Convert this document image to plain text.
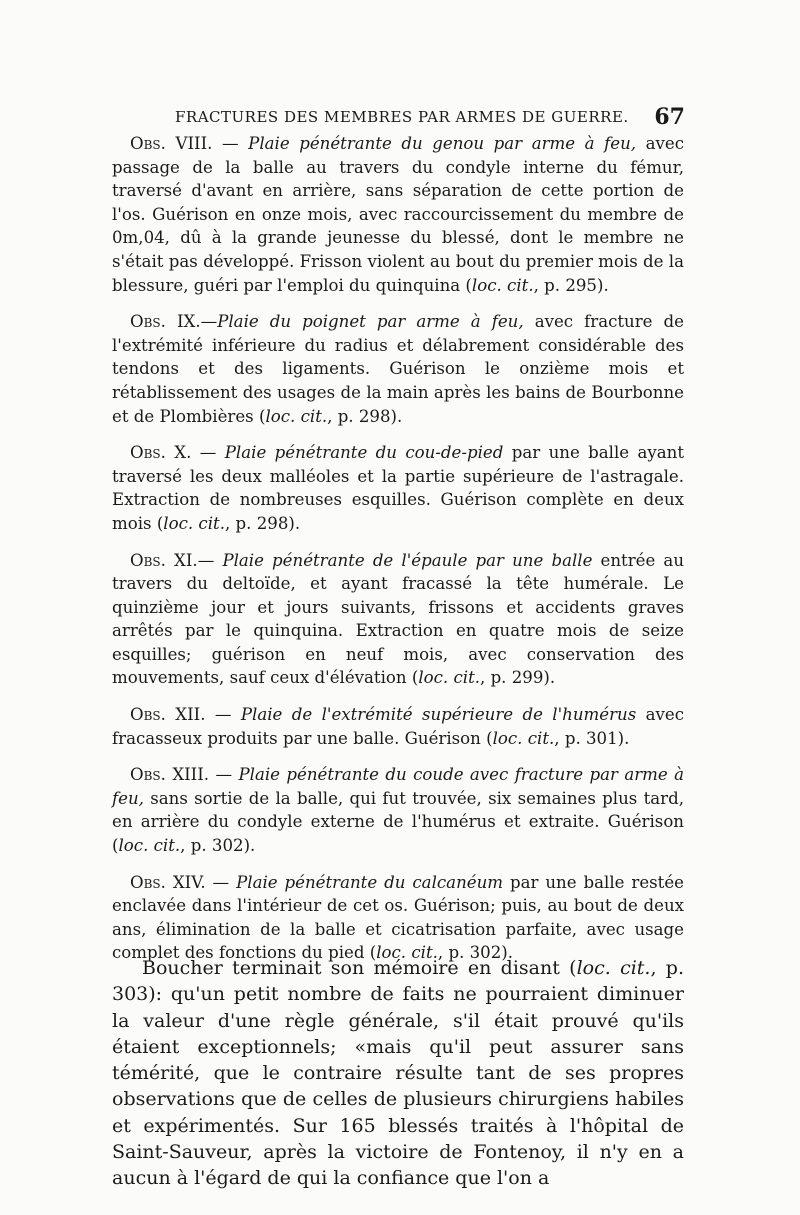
FRACTURES DES MEMBRES PAR ARMES DE GUERRE. 67

Obs. VIII. — Plaie pénétrante du genou par arme à feu, avec passage de la balle au travers du condyle interne du fémur, traversé d'avant en arrière, sans séparation de cette portion de l'os. Guérison en onze mois, avec raccourcissement du membre de 0m,04, dû à la grande jeunesse du blessé, dont le membre ne s'était pas développé. Frisson violent au bout du premier mois de la blessure, guéri par l'emploi du quinquina (loc. cit., p. 295).

Obs. IX.—Plaie du poignet par arme à feu, avec fracture de l'extrémité inférieure du radius et délabrement considérable des tendons et des ligaments. Guérison le onzième mois et rétablissement des usages de la main après les bains de Bourbonne et de Plombières (loc. cit., p. 298).

Obs. X. — Plaie pénétrante du cou-de-pied par une balle ayant traversé les deux malléoles et la partie supérieure de l'astragale. Extraction de nombreuses esquilles. Guérison complète en deux mois (loc. cit., p. 298).

Obs. XI.— Plaie pénétrante de l'épaule par une balle entrée au travers du deltoïde, et ayant fracassé la tête humérale. Le quinzième jour et jours suivants, frissons et accidents graves arrêtés par le quinquina. Extraction en quatre mois de seize esquilles; guérison en neuf mois, avec conservation des mouvements, sauf ceux d'élévation (loc. cit., p. 299).

Obs. XII. — Plaie de l'extrémité supérieure de l'humérus avec fracasseux produits par une balle. Guérison (loc. cit., p. 301).

Obs. XIII. — Plaie pénétrante du coude avec fracture par arme à feu, sans sortie de la balle, qui fut trouvée, six semaines plus tard, en arrière du condyle externe de l'humérus et extraite. Guérison (loc. cit., p. 302).

Obs. XIV. — Plaie pénétrante du calcanéum par une balle restée enclavée dans l'intérieur de cet os. Guérison; puis, au bout de deux ans, élimination de la balle et cicatrisation parfaite, avec usage complet des fonctions du pied (loc. cit., p. 302).

Boucher terminait son mémoire en disant (loc. cit., p. 303): qu'un petit nombre de faits ne pourraient diminuer la valeur d'une règle générale, s'il était prouvé qu'ils étaient exceptionnels; «mais qu'il peut assurer sans témérité, que le contraire résulte tant de ses propres observations que de celles de plusieurs chirurgiens habiles et expérimentés. Sur 165 blessés traités à l'hôpital de Saint-Sauveur, après la victoire de Fontenoy, il n'y en a aucun à l'égard de qui la confiance que l'on a
